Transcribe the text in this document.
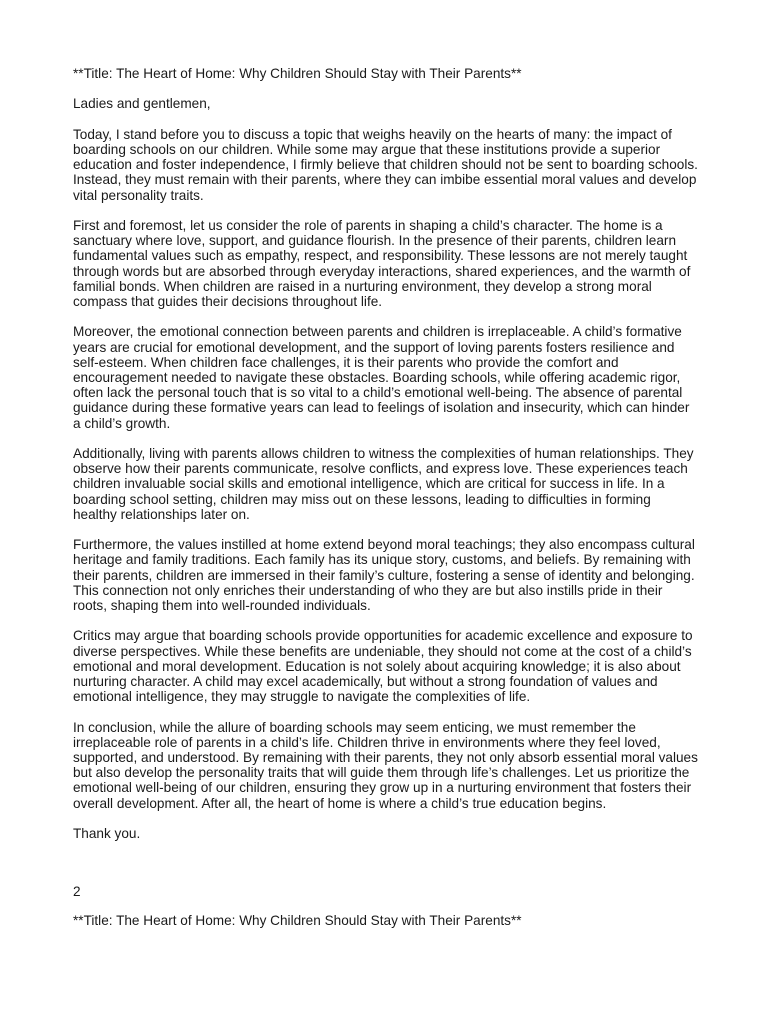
**Title: The Heart of Home: Why Children Should Stay with Their Parents**

Ladies and gentlemen,

Today, I stand before you to discuss a topic that weighs heavily on the hearts of many: the impact of boarding schools on our children. While some may argue that these institutions provide a superior education and foster independence, I firmly believe that children should not be sent to boarding schools. Instead, they must remain with their parents, where they can imbibe essential moral values and develop vital personality traits.

First and foremost, let us consider the role of parents in shaping a child’s character. The home is a sanctuary where love, support, and guidance flourish. In the presence of their parents, children learn fundamental values such as empathy, respect, and responsibility. These lessons are not merely taught through words but are absorbed through everyday interactions, shared experiences, and the warmth of familial bonds. When children are raised in a nurturing environment, they develop a strong moral compass that guides their decisions throughout life.

Moreover, the emotional connection between parents and children is irreplaceable. A child’s formative years are crucial for emotional development, and the support of loving parents fosters resilience and self-esteem. When children face challenges, it is their parents who provide the comfort and encouragement needed to navigate these obstacles. Boarding schools, while offering academic rigor, often lack the personal touch that is so vital to a child’s emotional well-being. The absence of parental guidance during these formative years can lead to feelings of isolation and insecurity, which can hinder a child’s growth.

Additionally, living with parents allows children to witness the complexities of human relationships. They observe how their parents communicate, resolve conflicts, and express love. These experiences teach children invaluable social skills and emotional intelligence, which are critical for success in life. In a boarding school setting, children may miss out on these lessons, leading to difficulties in forming healthy relationships later on.

Furthermore, the values instilled at home extend beyond moral teachings; they also encompass cultural heritage and family traditions. Each family has its unique story, customs, and beliefs. By remaining with their parents, children are immersed in their family’s culture, fostering a sense of identity and belonging. This connection not only enriches their understanding of who they are but also instills pride in their roots, shaping them into well-rounded individuals.

Critics may argue that boarding schools provide opportunities for academic excellence and exposure to diverse perspectives. While these benefits are undeniable, they should not come at the cost of a child’s emotional and moral development. Education is not solely about acquiring knowledge; it is also about nurturing character. A child may excel academically, but without a strong foundation of values and emotional intelligence, they may struggle to navigate the complexities of life.

In conclusion, while the allure of boarding schools may seem enticing, we must remember the irreplaceable role of parents in a child’s life. Children thrive in environments where they feel loved, supported, and understood. By remaining with their parents, they not only absorb essential moral values but also develop the personality traits that will guide them through life’s challenges. Let us prioritize the emotional well-being of our children, ensuring they grow up in a nurturing environment that fosters their overall development. After all, the heart of home is where a child’s true education begins.

Thank you.

2

**Title: The Heart of Home: Why Children Should Stay with Their Parents**
